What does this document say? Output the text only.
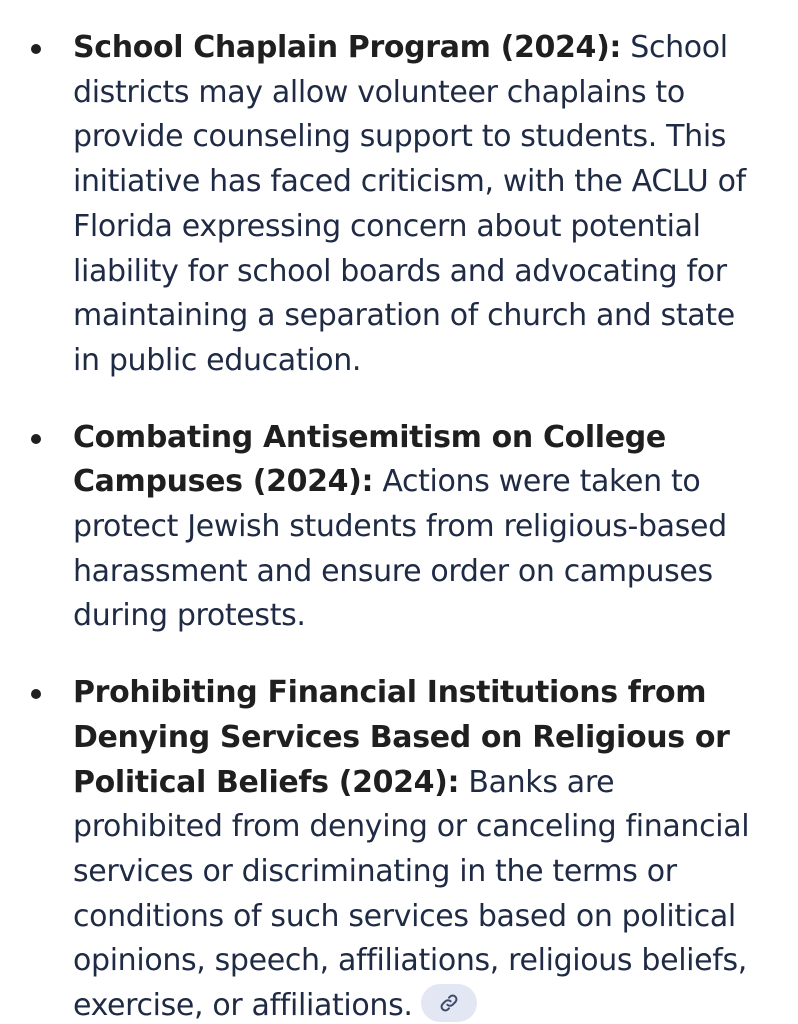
School Chaplain Program (2024): School districts may allow volunteer chaplains to provide counseling support to students. This initiative has faced criticism, with the ACLU of Florida expressing concern about potential liability for school boards and advocating for maintaining a separation of church and state in public education.
Combating Antisemitism on College Campuses (2024): Actions were taken to protect Jewish students from religious-based harassment and ensure order on campuses during protests.
Prohibiting Financial Institutions from Denying Services Based on Religious or Political Beliefs (2024): Banks are prohibited from denying or canceling financial services or discriminating in the terms or conditions of such services based on political opinions, speech, affiliations, religious beliefs, exercise, or affiliations.
